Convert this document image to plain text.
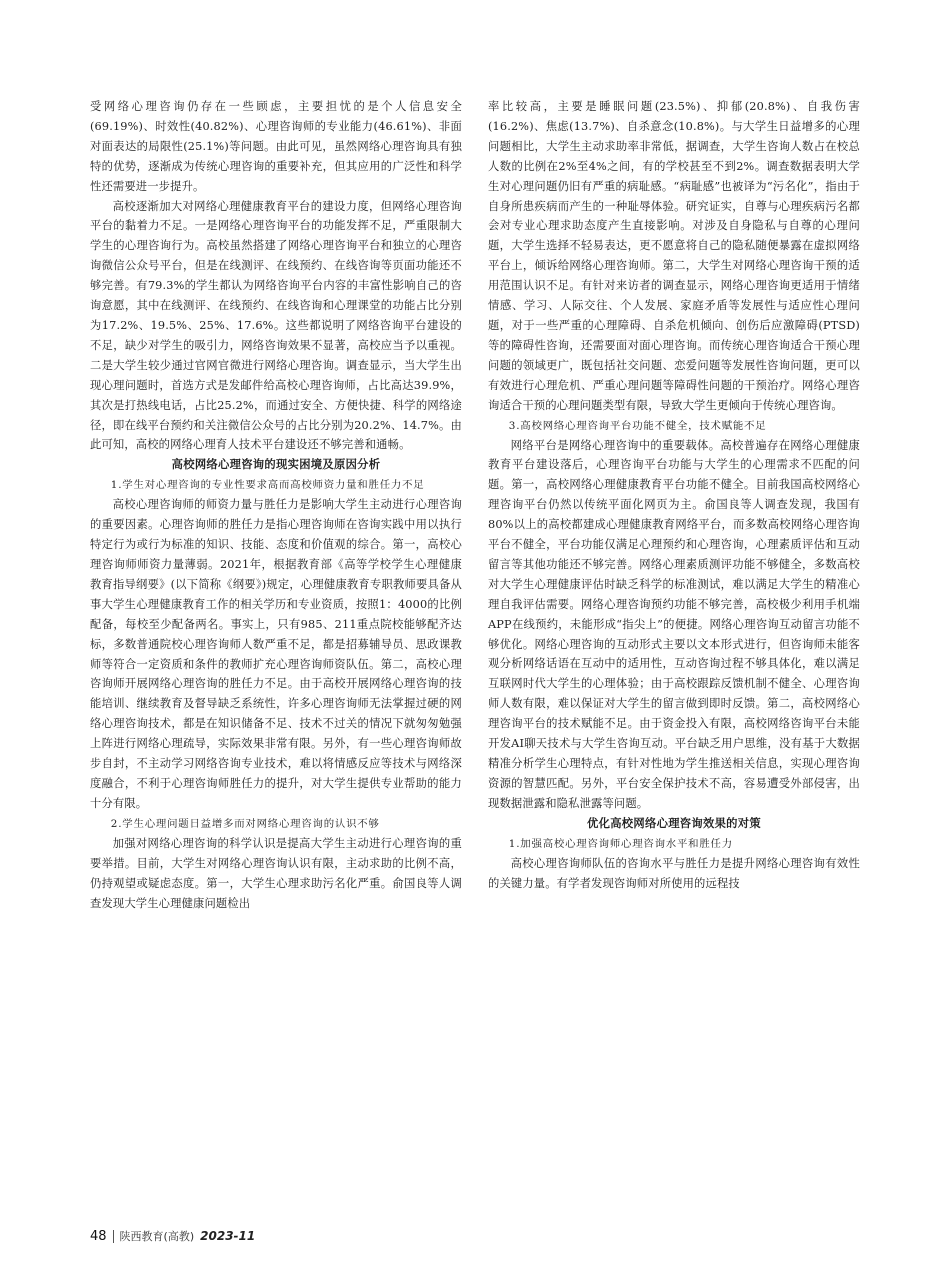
受网络心理咨询仍存在一些顾虑，主要担忧的是个人信息安全(69.19%)、时效性(40.82%)、心理咨询师的专业能力(46.61%)、非面对面表达的局限性(25.1%)等问题。由此可见，虽然网络心理咨询具有独特的优势，逐渐成为传统心理咨询的重要补充，但其应用的广泛性和科学性还需要进一步提升。

高校逐渐加大对网络心理健康教育平台的建设力度，但网络心理咨询平台的黏着力不足。一是网络心理咨询平台的功能发挥不足，严重限制大学生的心理咨询行为。高校虽然搭建了网络心理咨询平台和独立的心理咨询微信公众号平台，但是在线测评、在线预约、在线咨询等页面功能还不够完善。有79.3%的学生都认为网络咨询平台内容的丰富性影响自己的咨询意愿，其中在线测评、在线预约、在线咨询和心理课堂的功能占比分别为17.2%、19.5%、25%、17.6%。这些都说明了网络咨询平台建设的不足，缺少对学生的吸引力，网络咨询效果不显著，高校应当予以重视。二是大学生较少通过官网官微进行网络心理咨询。调查显示，当大学生出现心理问题时，首选方式是发邮件给高校心理咨询师，占比高达39.9%，其次是打热线电话，占比25.2%，而通过安全、方便快捷、科学的网络途径，即在线平台预约和关注微信公众号的占比分别为20.2%、14.7%。由此可知，高校的网络心理育人技术平台建设还不够完善和通畅。

高校网络心理咨询的现实困境及原因分析
1.学生对心理咨询的专业性要求高而高校师资力量和胜任力不足

高校心理咨询师的师资力量与胜任力是影响大学生主动进行心理咨询的重要因素。心理咨询师的胜任力是指心理咨询师在咨询实践中用以执行特定行为或行为标准的知识、技能、态度和价值观的综合。第一，高校心理咨询师师资力量薄弱。2021年，根据教育部《高等学校学生心理健康教育指导纲要》(以下简称《纲要》)规定，心理健康教育专职教师要具备从事大学生心理健康教育工作的相关学历和专业资质，按照1：4000的比例配备，每校至少配备两名。事实上，只有985、211重点院校能够配齐达标，多数普通院校心理咨询师人数严重不足，都是招募辅导员、思政课教师等符合一定资质和条件的教师扩充心理咨询师资队伍。第二，高校心理咨询师开展网络心理咨询的胜任力不足。由于高校开展网络心理咨询的技能培训、继续教育及督导缺乏系统性，许多心理咨询师无法掌握过硬的网络心理咨询技术，都是在知识储备不足、技术不过关的情况下就匆匆勉强上阵进行网络心理疏导，实际效果非常有限。另外，有一些心理咨询师故步自封，不主动学习网络咨询专业技术，难以将情感反应等技术与网络深度融合，不利于心理咨询师胜任力的提升，对大学生提供专业帮助的能力十分有限。

2.学生心理问题日益增多而对网络心理咨询的认识不够

加强对网络心理咨询的科学认识是提高大学生主动进行心理咨询的重要举措。目前，大学生对网络心理咨询认识有限，主动求助的比例不高，仍持观望或疑虑态度。第一，大学生心理求助污名化严重。俞国良等人调查发现大学生心理健康问题检出

率比较高，主要是睡眠问题(23.5%)、抑郁(20.8%)、自我伤害(16.2%)、焦虑(13.7%)、自杀意念(10.8%)。与大学生日益增多的心理问题相比，大学生主动求助率非常低，据调查，大学生咨询人数占在校总人数的比例在2%至4%之间，有的学校甚至不到2%。调查数据表明大学生对心理问题仍旧有严重的病耻感。“病耻感”也被译为“污名化”，指由于自身所患疾病而产生的一种耻辱体验。研究证实，自尊与心理疾病污名都会对专业心理求助态度产生直接影响。对涉及自身隐私与自尊的心理问题，大学生选择不轻易表达，更不愿意将自己的隐私随便暴露在虚拟网络平台上，倾诉给网络心理咨询师。第二，大学生对网络心理咨询干预的适用范围认识不足。有针对来访者的调查显示，网络心理咨询更适用于情绪情感、学习、人际交往、个人发展、家庭矛盾等发展性与适应性心理问题，对于一些严重的心理障碍、自杀危机倾向、创伤后应激障碍(PTSD)等的障碍性咨询，还需要面对面心理咨询。而传统心理咨询适合干预心理问题的领域更广，既包括社交问题、恋爱问题等发展性咨询问题，更可以有效进行心理危机、严重心理问题等障碍性问题的干预治疗。网络心理咨询适合干预的心理问题类型有限，导致大学生更倾向于传统心理咨询。

3.高校网络心理咨询平台功能不健全，技术赋能不足

网络平台是网络心理咨询中的重要载体。高校普遍存在网络心理健康教育平台建设落后，心理咨询平台功能与大学生的心理需求不匹配的问题。第一，高校网络心理健康教育平台功能不健全。目前我国高校网络心理咨询平台仍然以传统平面化网页为主。俞国良等人调查发现，我国有80%以上的高校都建成心理健康教育网络平台，而多数高校网络心理咨询平台不健全，平台功能仅满足心理预约和心理咨询，心理素质评估和互动留言等其他功能还不够完善。网络心理素质测评功能不够健全，多数高校对大学生心理健康评估时缺乏科学的标准测试，难以满足大学生的精准心理自我评估需要。网络心理咨询预约功能不够完善，高校极少利用手机端APP在线预约，未能形成“指尖上”的便捷。网络心理咨询互动留言功能不够优化。网络心理咨询的互动形式主要以文本形式进行，但咨询师未能客观分析网络话语在互动中的适用性，互动咨询过程不够具体化，难以满足互联网时代大学生的心理体验；由于高校跟踪反馈机制不健全、心理咨询师人数有限，难以保证对大学生的留言做到即时反馈。第二，高校网络心理咨询平台的技术赋能不足。由于资金投入有限，高校网络咨询平台未能开发AI聊天技术与大学生咨询互动。平台缺乏用户思维，没有基于大数据精准分析学生心理特点，有针对性地为学生推送相关信息，实现心理咨询资源的智慧匹配。另外，平台安全保护技术不高，容易遭受外部侵害，出现数据泄露和隐私泄露等问题。

优化高校网络心理咨询效果的对策
1.加强高校心理咨询师心理咨询水平和胜任力

高校心理咨询师队伍的咨询水平与胜任力是提升网络心理咨询有效性的关键力量。有学者发现咨询师对所使用的远程技

48 陕西教育(高教) 2023-11
